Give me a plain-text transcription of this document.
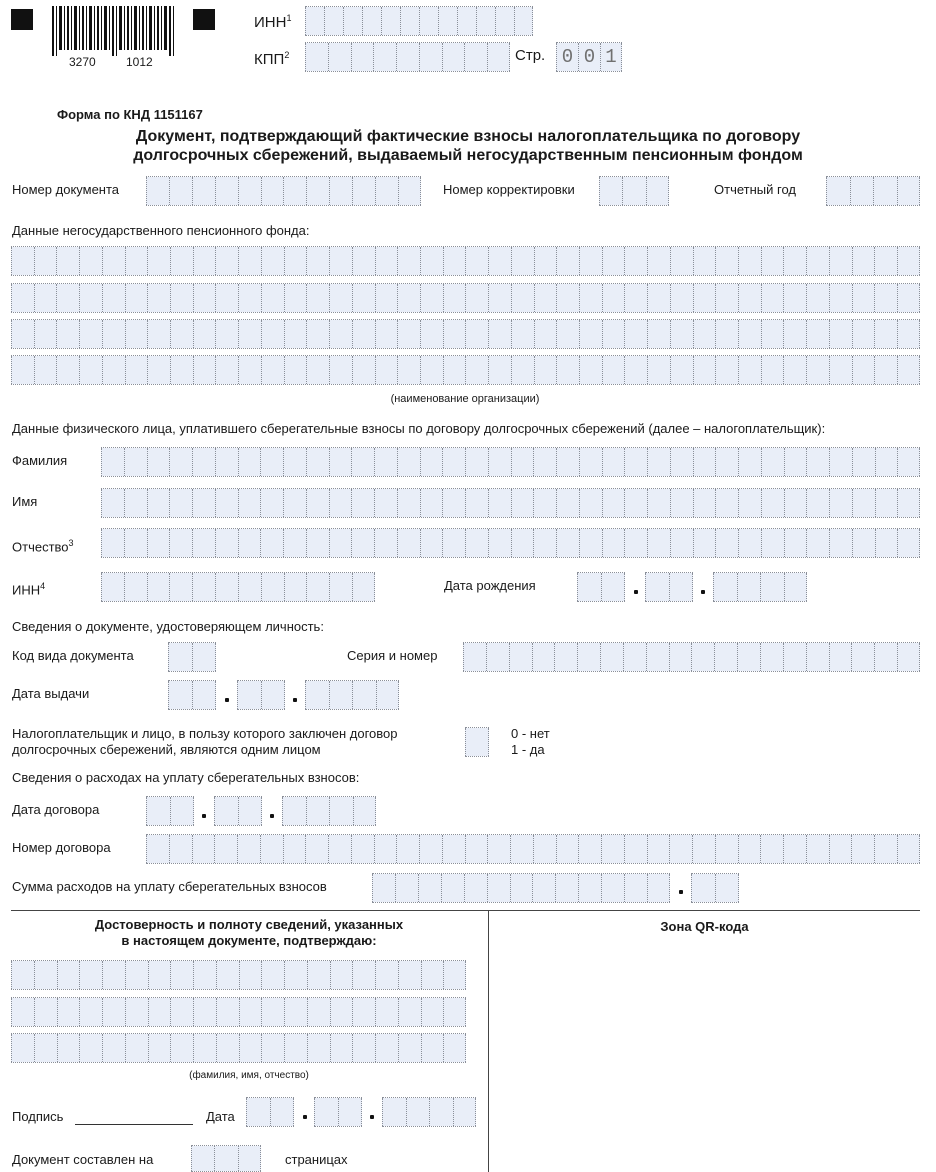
3270	1012
ИНН$^1$
КПП$^2$	Стр. 0 0 1
Форма по КНД 1151167
Документ, подтверждающий фактические взносы налогоплательщика по договору
долгосрочных сбережений, выдаваемый негосударственным пенсионным фондом
Номер документа	Номер корректировки	Отчетный год
Данные негосударственного пенсионного фонда:
(наименование организации)
Данные физического лица, уплатившего сберегательные взносы по договору долгосрочных сбережений (далее – налогоплательщик):
Фамилия
Имя
Отчество$^3$
ИНН$^4$	Дата рождения
Сведения о документе, удостоверяющем личность:
Код вида документа	Серия и номер
Дата выдачи
Налогоплательщик и лицо, в пользу которого заключен договор
долгосрочных сбережений, являются одним лицом
0 - нет
1 - да
Сведения о расходах на уплату сберегательных взносов:
Дата договора
Номер договора
Сумма расходов на уплату сберегательных взносов
Достоверность и полноту сведений, указанных
в настоящем документе, подтверждаю:
(фамилия, имя, отчество)
Подпись	Дата
Документ составлен на	страницах
Зона QR-кода
